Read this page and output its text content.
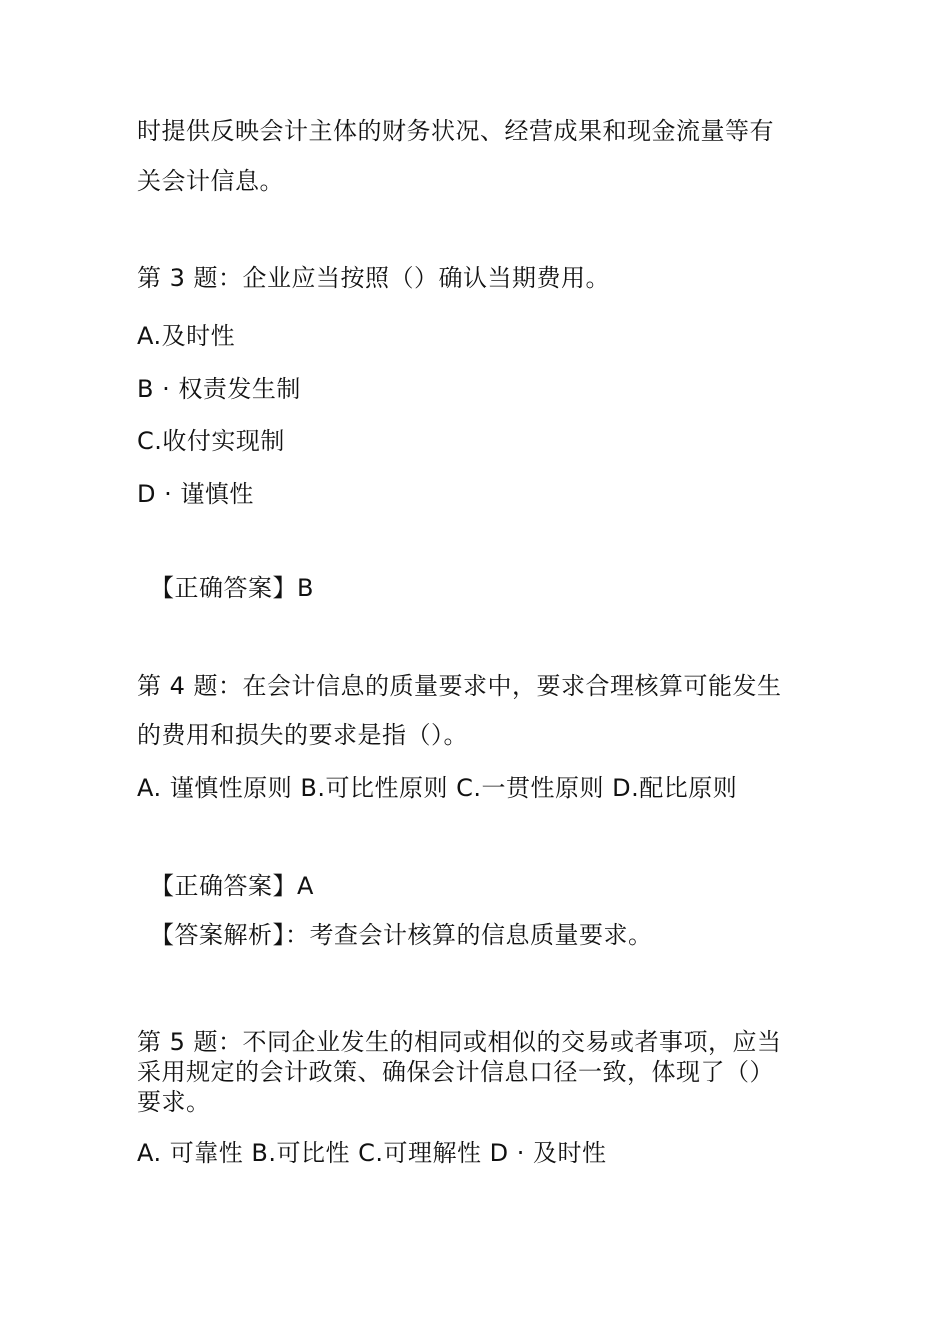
时提供反映会计主体的财务状况、经营成果和现金流量等有
关会计信息。
第 3 题：企业应当按照（）确认当期费用。
A.及时性
B · 权责发生制
C.收付实现制
D · 谨慎性
【正确答案】B
第 4 题：在会计信息的质量要求中，要求合理核算可能发生
的费用和损失的要求是指（）。
A. 谨慎性原则 B.可比性原则 C.一贯性原则 D.配比原则
【正确答案】A
【答案解析】：考查会计核算的信息质量要求。
第 5 题：不同企业发生的相同或相似的交易或者事项，应当
采用规定的会计政策、确保会计信息口径一致，体现了（）
要求。
A. 可靠性 B.可比性 C.可理解性 D · 及时性
